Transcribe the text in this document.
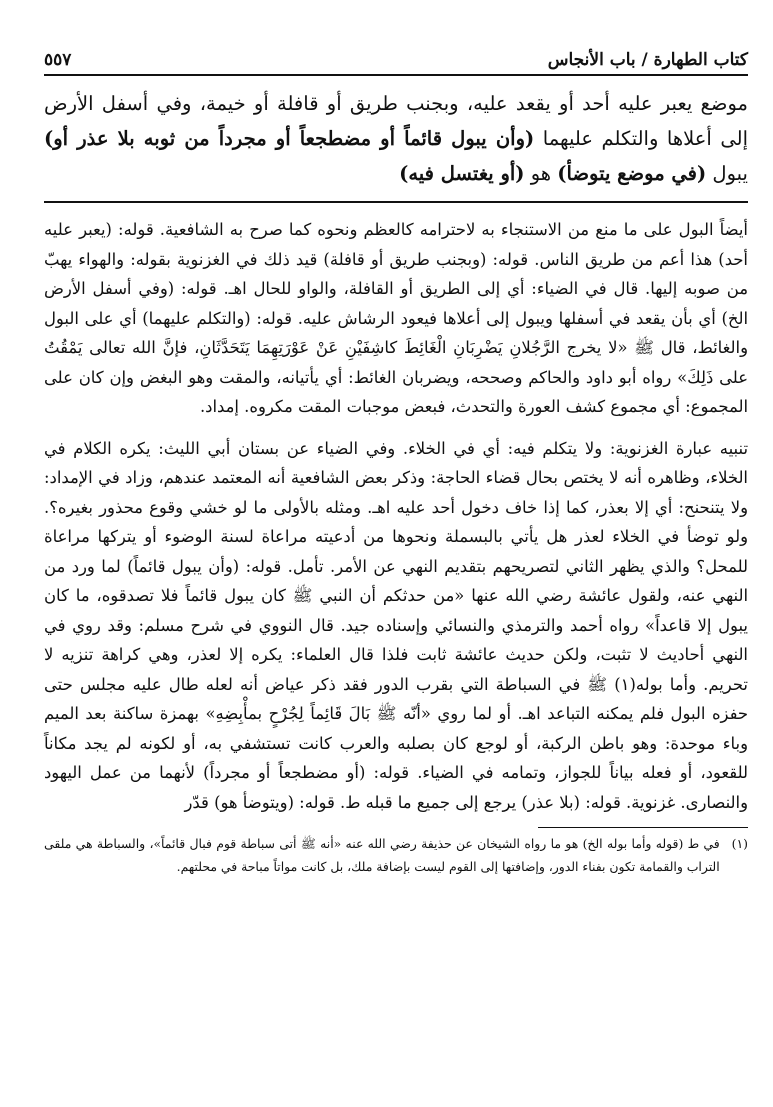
كتاب الطهارة / باب الأنجاس
٥٥٧
موضع يعبر عليه أحد أو يقعد عليه، وبجنب طريق أو قافلة أو خيمة، وفي أسفل الأرض إلى أعلاها والتكلم عليهما (وأن يبول قائماً أو مضطجعاً أو مجرداً من ثوبه بلا عذر أو) يبول (في موضع يتوضأ) هو (أو يغتسل فيه)

أيضاً البول على ما منع من الاستنجاء به لاحترامه كالعظم ونحوه كما صرح به الشافعية. قوله: (يعبر عليه أحد) هذا أعم من طريق الناس. قوله: (وبجنب طريق أو قافلة) قيد ذلك في الغزنوية بقوله: والهواء يهبّ من صوبه إليها. قال في الضياء: أي إلى الطريق أو القافلة، والواو للحال اهـ. قوله: (وفي أسفل الأرض الخ) أي بأن يقعد في أسفلها ويبول إلى أعلاها فيعود الرشاش عليه. قوله: (والتكلم عليهما) أي على البول والغائط، قال ﷺ «لا يخرج الرَّجُلانِ يَضْرِبَانِ الْغَائِطَ كاشِفَيْنِ عَنْ عَوْرَتِهِمَا يَتَحَدَّثَانِ، فإنَّ الله تعالى يَمْقُتُ على ذَلِكَ» رواه أبو داود والحاكم وصححه، ويضربان الغائط: أي يأتيانه، والمقت وهو البغض وإن كان على المجموع: أي مجموع كشف العورة والتحدث، فبعض موجبات المقت مكروه. إمداد.

تنبيه عبارة الغزنوية: ولا يتكلم فيه: أي في الخلاء. وفي الضياء عن بستان أبي الليث: يكره الكلام في الخلاء، وظاهره أنه لا يختص بحال قضاء الحاجة: وذكر بعض الشافعية أنه المعتمد عندهم، وزاد في الإمداد: ولا يتنحنح: أي إلا بعذر، كما إذا خاف دخول أحد عليه اهـ. ومثله بالأولى ما لو خشي وقوع محذور بغيره؟. ولو توضأ في الخلاء لعذر هل يأتي بالبسملة ونحوها من أدعيته مراعاة لسنة الوضوء أو يتركها مراعاة للمحل؟ والذي يظهر الثاني لتصريحهم بتقديم النهي عن الأمر. تأمل. قوله: (وأن يبول قائماً) لما ورد من النهي عنه، ولقول عائشة رضي الله عنها «من حدثكم أن النبي ﷺ كان يبول قائماً فلا تصدقوه، ما كان يبول إلا قاعداً» رواه أحمد والترمذي والنسائي وإسناده جيد. قال النووي في شرح مسلم: وقد روي في النهي أحاديث لا تثبت، ولكن حديث عائشة ثابت فلذا قال العلماء: يكره إلا لعذر، وهي كراهة تنزيه لا تحريم. وأما بوله(١) ﷺ في السباطة التي بقرب الدور فقد ذكر عياض أنه لعله طال عليه مجلس حتى حفزه البول فلم يمكنه التباعد اهـ. أو لما روي «أنّه ﷺ بَالَ قَائِماً لِجُرْحٍ بمأْبِضِهِ» بهمزة ساكنة بعد الميم وباء موحدة: وهو باطن الركبة، أو لوجع كان بصلبه والعرب كانت تستشفي به، أو لكونه لم يجد مكاناً للقعود، أو فعله بياناً للجواز، وتمامه في الضياء. قوله: (أو مضطجعاً أو مجرداً) لأنهما من عمل اليهود والنصارى. غزنوية. قوله: (بلا عذر) يرجع إلى جميع ما قبله ط. قوله: (ويتوضأ هو) قدّر

(١)
في ط (قوله وأما بوله الخ) هو ما رواه الشيخان عن حذيفة رضي الله عنه «أنه ﷺ أتى سباطة قوم فبال قائماً»، والسباطة هي ملقى التراب والقمامة تكون بفناء الدور، وإضافتها إلى القوم ليست بإضافة ملك، بل كانت مواتاً مباحة في محلتهم.
